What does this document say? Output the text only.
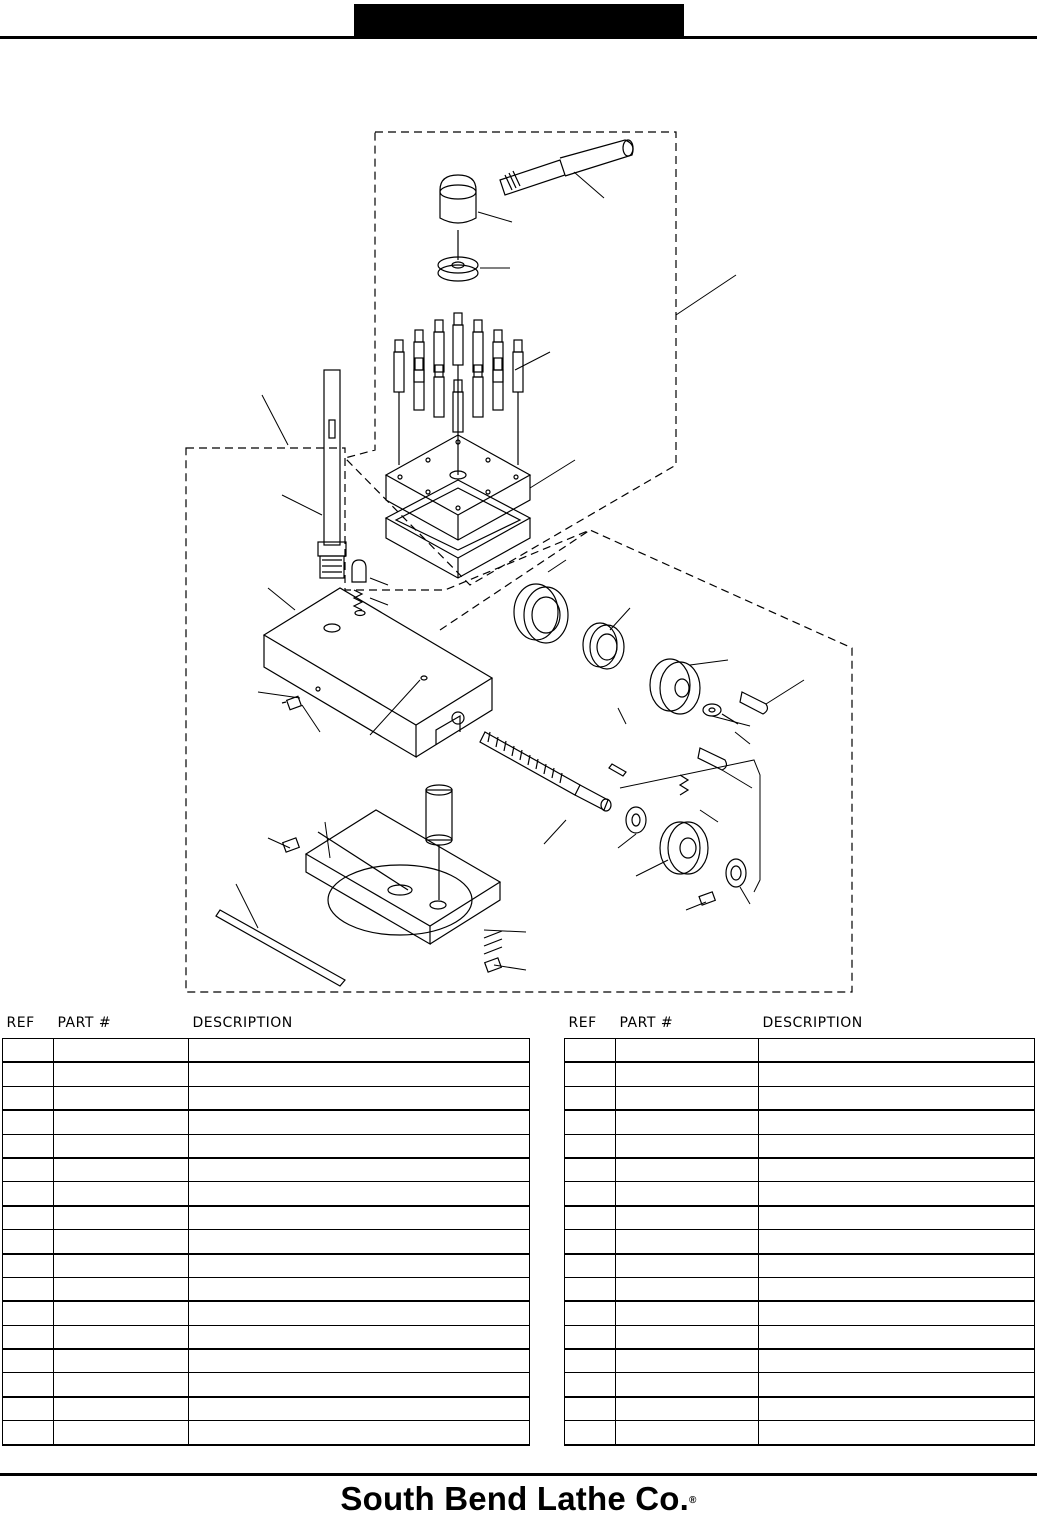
REF	PART #	DESCRIPTION

			REF	PART #	DESCRIPTION

South Bend Lathe Co.®
